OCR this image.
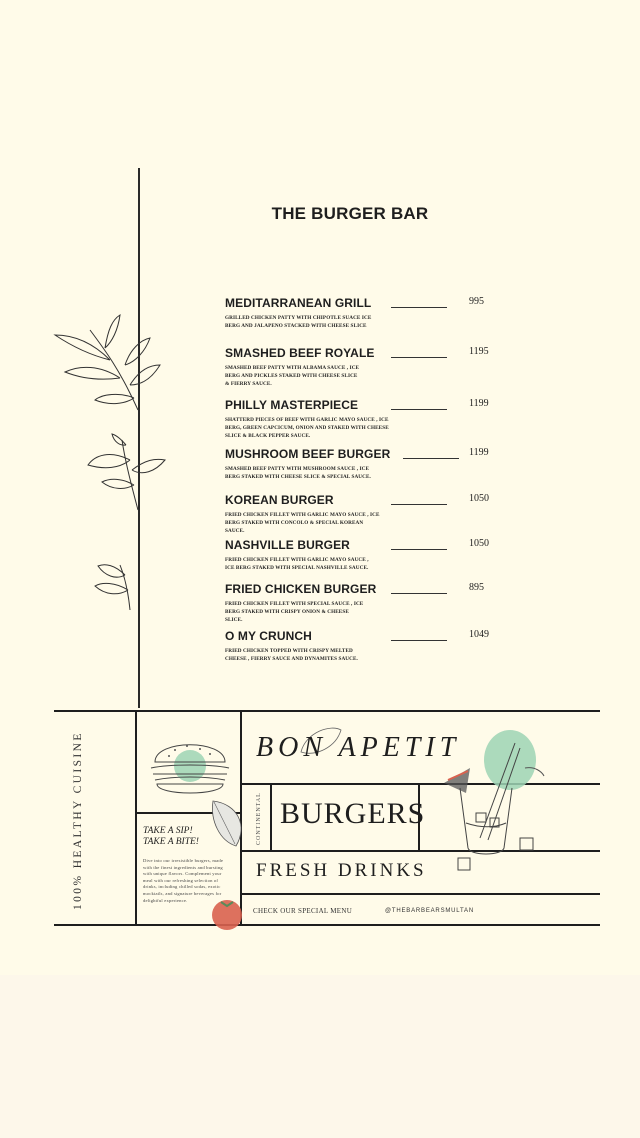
THE BURGER BAR
MEDITARRANEAN GRILL	995
GRILLED CHICKEN PATTY WITH CHIPOTLE SUACE ICE BERG AND JALAPENO STACKED WITH CHEESE SLICE
SMASHED BEEF ROYALE	1195
SMASHED BEEF PATTY WITH ALBAMA SAUCE , ICE BERG AND PICKLES STAKED WITH CHEESE SLICE & FIERRY SAUCE.
PHILLY MASTERPIECE	1199
SHATTERD PIECES OF BEEF WITH GARLIC MAYO SAUCE , ICE BERG, GREEN CAPCICUM, ONION AND STAKED WITH CHEESE SLICE & BLACK PEPPER SAUCE.
MUSHROOM BEEF BURGER	1199
SMASHED BEEF PATTY WITH MUSHROOM SAUCE , ICE BERG STAKED WITH CHEESE SLICE & SPECIAL SAUCE.
KOREAN BURGER	1050
FRIED CHICKEN FILLET WITH GARLIC MAYO SAUCE , ICE BERG STAKED WITH CONCOLO & SPECIAL KOREAN SAUCE.
NASHVILLE BURGER	1050
FRIED CHICKEN FILLET WITH GARLIC MAYO SAUCE , ICE BERG STAKED WITH SPECIAL NASHVILLE SAUCE.
FRIED CHICKEN BURGER	895
FRIED CHICKEN FILLET WITH SPECIAL SAUCE , ICE BERG STAKED WITH CRISPY ONION & CHEESE SLICE.
O MY CRUNCH	1049
FRIED CHICKEN TOPPED WITH CRISPY MELTED CHEESE , FIERRY SAUCE AND DYNAMITES SAUCE.
100% HEALTHY CUISINE	BON APETIT
CONTINENTAL BURGERS
FRESH DRINKS
TAKE A SIP!
TAKE A BITE!
Dive into our irresistible burgers, made with the finest ingredients and bursting with unique flavors. Complement your meal with our refreshing selection of drinks, including chilled sodas, exotic mocktails, and signature beverages for delightful experience.
CHECK OUR SPECIAL MENU	@THEBARBEARSMULTAN
